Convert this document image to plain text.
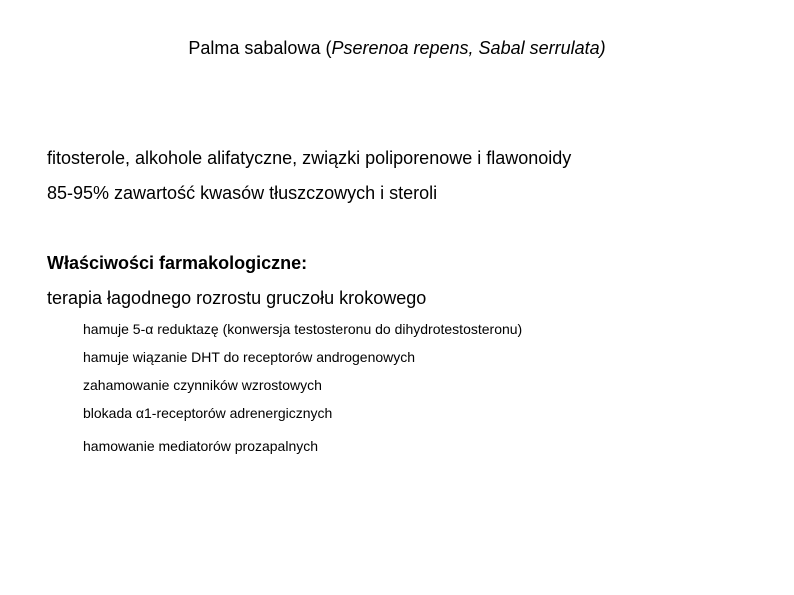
Palma sabalowa (Pserenoa repens, Sabal serrulata)
fitosterole, alkohole alifatyczne, związki poliporenowe i flawonoidy
85-95% zawartość kwasów tłuszczowych i steroli
Właściwości farmakologiczne:
terapia łagodnego rozrostu gruczołu krokowego
hamuje 5-α reduktazę (konwersja testosteronu do dihydrotestosteronu)
hamuje wiązanie DHT do receptorów androgenowych
zahamowanie czynników wzrostowych
blokada α1-receptorów adrenergicznych
hamowanie mediatorów prozapalnych
